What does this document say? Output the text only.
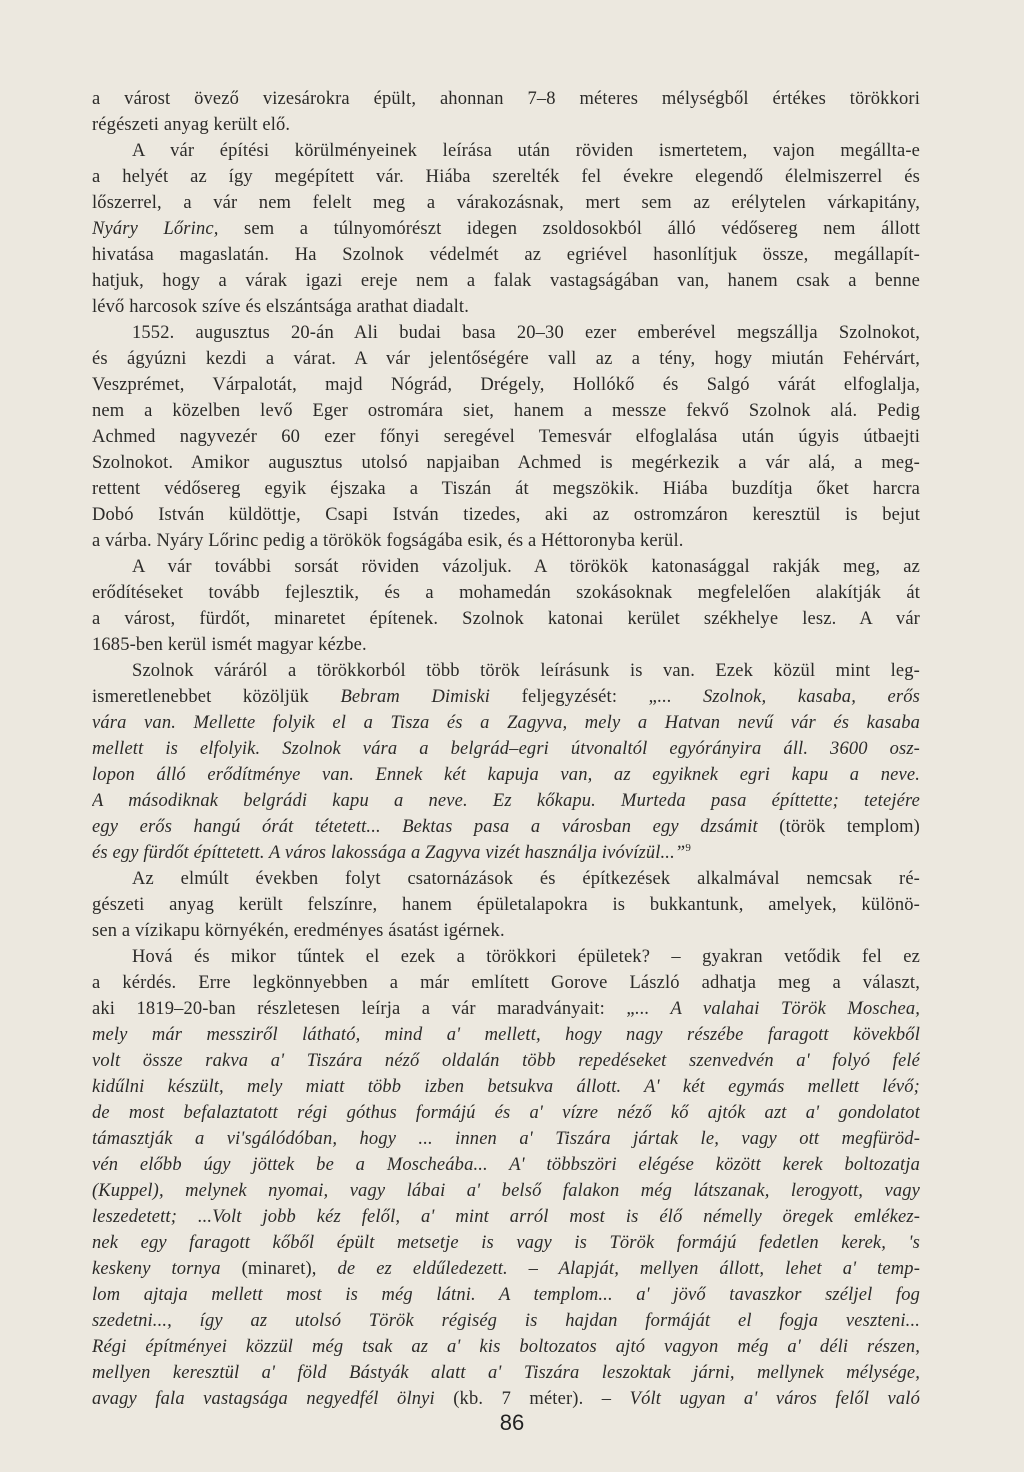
a várost övező vizesárokra épült, ahonnan 7–8 méteres mélységből értékes törökkori
régészeti anyag került elő.
A vár építési körülményeinek leírása után röviden ismertetem, vajon megállta-e
a helyét az így megépített vár. Hiába szerelték fel évekre elegendő élelmiszerrel és
lőszerrel, a vár nem felelt meg a várakozásnak, mert sem az erélytelen várkapitány,
Nyáry Lőrinc, sem a túlnyomórészt idegen zsoldosokból álló védősereg nem állott
hivatása magaslatán. Ha Szolnok védelmét az egriével hasonlítjuk össze, megállapít-
hatjuk, hogy a várak igazi ereje nem a falak vastagságában van, hanem csak a benne
lévő harcosok szíve és elszántsága arathat diadalt.
1552. augusztus 20-án Ali budai basa 20–30 ezer emberével megszállja Szolnokot,
és ágyúzni kezdi a várat. A vár jelentőségére vall az a tény, hogy miután Fehérvárt,
Veszprémet, Várpalotát, majd Nógrád, Drégely, Hollókő és Salgó várát elfoglalja,
nem a közelben levő Eger ostromára siet, hanem a messze fekvő Szolnok alá. Pedig
Achmed nagyvezér 60 ezer főnyi seregével Temesvár elfoglalása után úgyis útbaejti
Szolnokot. Amikor augusztus utolsó napjaiban Achmed is megérkezik a vár alá, a meg-
rettent védősereg egyik éjszaka a Tiszán át megszökik. Hiába buzdítja őket harcra
Dobó István küldöttje, Csapi István tizedes, aki az ostromzáron keresztül is bejut
a várba. Nyáry Lőrinc pedig a törökök fogságába esik, és a Héttoronyba kerül.
A vár további sorsát röviden vázoljuk. A törökök katonasággal rakják meg, az
erődítéseket tovább fejlesztik, és a mohamedán szokásoknak megfelelően alakítják át
a várost, fürdőt, minaretet építenek. Szolnok katonai kerület székhelye lesz. A vár
1685-ben kerül ismét magyar kézbe.
Szolnok váráról a törökkorból több török leírásunk is van. Ezek közül mint leg-
ismeretlenebbet közöljük Bebram Dimiski feljegyzését: „... Szolnok, kasaba, erős
vára van. Mellette folyik el a Tisza és a Zagyva, mely a Hatvan nevű vár és kasaba
mellett is elfolyik. Szolnok vára a belgrád–egri útvonaltól egyórányira áll. 3600 osz-
lopon álló erődítménye van. Ennek két kapuja van, az egyiknek egri kapu a neve.
A másodiknak belgrádi kapu a neve. Ez kőkapu. Murteda pasa építtette; tetejére
egy erős hangú órát tétetett... Bektas pasa a városban egy dzsámit (török templom)
és egy fürdőt építtetett. A város lakossága a Zagyva vizét használja ivóvízül...”$^9$
Az elmúlt években folyt csatornázások és építkezések alkalmával nemcsak ré-
gészeti anyag került felszínre, hanem épületalapokra is bukkantunk, amelyek, különö-
sen a vízikapu környékén, eredményes ásatást igérnek.
Hová és mikor tűntek el ezek a törökkori épületek? – gyakran vetődik fel ez
a kérdés. Erre legkönnyebben a már említett Gorove László adhatja meg a választ,
aki 1819–20-ban részletesen leírja a vár maradványait: „... A valahai Török Moschea,
mely már messziről látható, mind a' mellett, hogy nagy részébe faragott kövekből
volt össze rakva a' Tiszára néző oldalán több repedéseket szenvedvén a' folyó felé
kidűlni készült, mely miatt több izben betsukva állott. A' két egymás mellett lévő;
de most befalaztatott régi góthus formájú és a' vízre néző kő ajtók azt a' gondolatot
támasztják a vi'sgálódóban, hogy ... innen a' Tiszára jártak le, vagy ott megfüröd-
vén előbb úgy jöttek be a Moscheába... A' többszöri elégése között kerek boltozatja
(Kuppel), melynek nyomai, vagy lábai a' belső falakon még látszanak, lerogyott, vagy
leszedetett; ...Volt jobb kéz felől, a' mint arról most is élő némelly öregek emlékez-
nek egy faragott kőből épült metsetje is vagy is Török formájú fedetlen kerek, 's
keskeny tornya (minaret), de ez eldűledezett. – Alapját, mellyen állott, lehet a' temp-
lom ajtaja mellett most is még látni. A templom... a' jövő tavaszkor széljel fog
szedetni..., így az utolsó Török régiség is hajdan formáját el fogja veszteni...
Régi építményei közzül még tsak az a' kis boltozatos ajtó vagyon még a' déli részen,
mellyen keresztül a' föld Bástyák alatt a' Tiszára leszoktak járni, mellynek mélysége,
avagy fala vastagsága negyedfél ölnyi (kb. 7 méter). – Vólt ugyan a' város felől való
86
